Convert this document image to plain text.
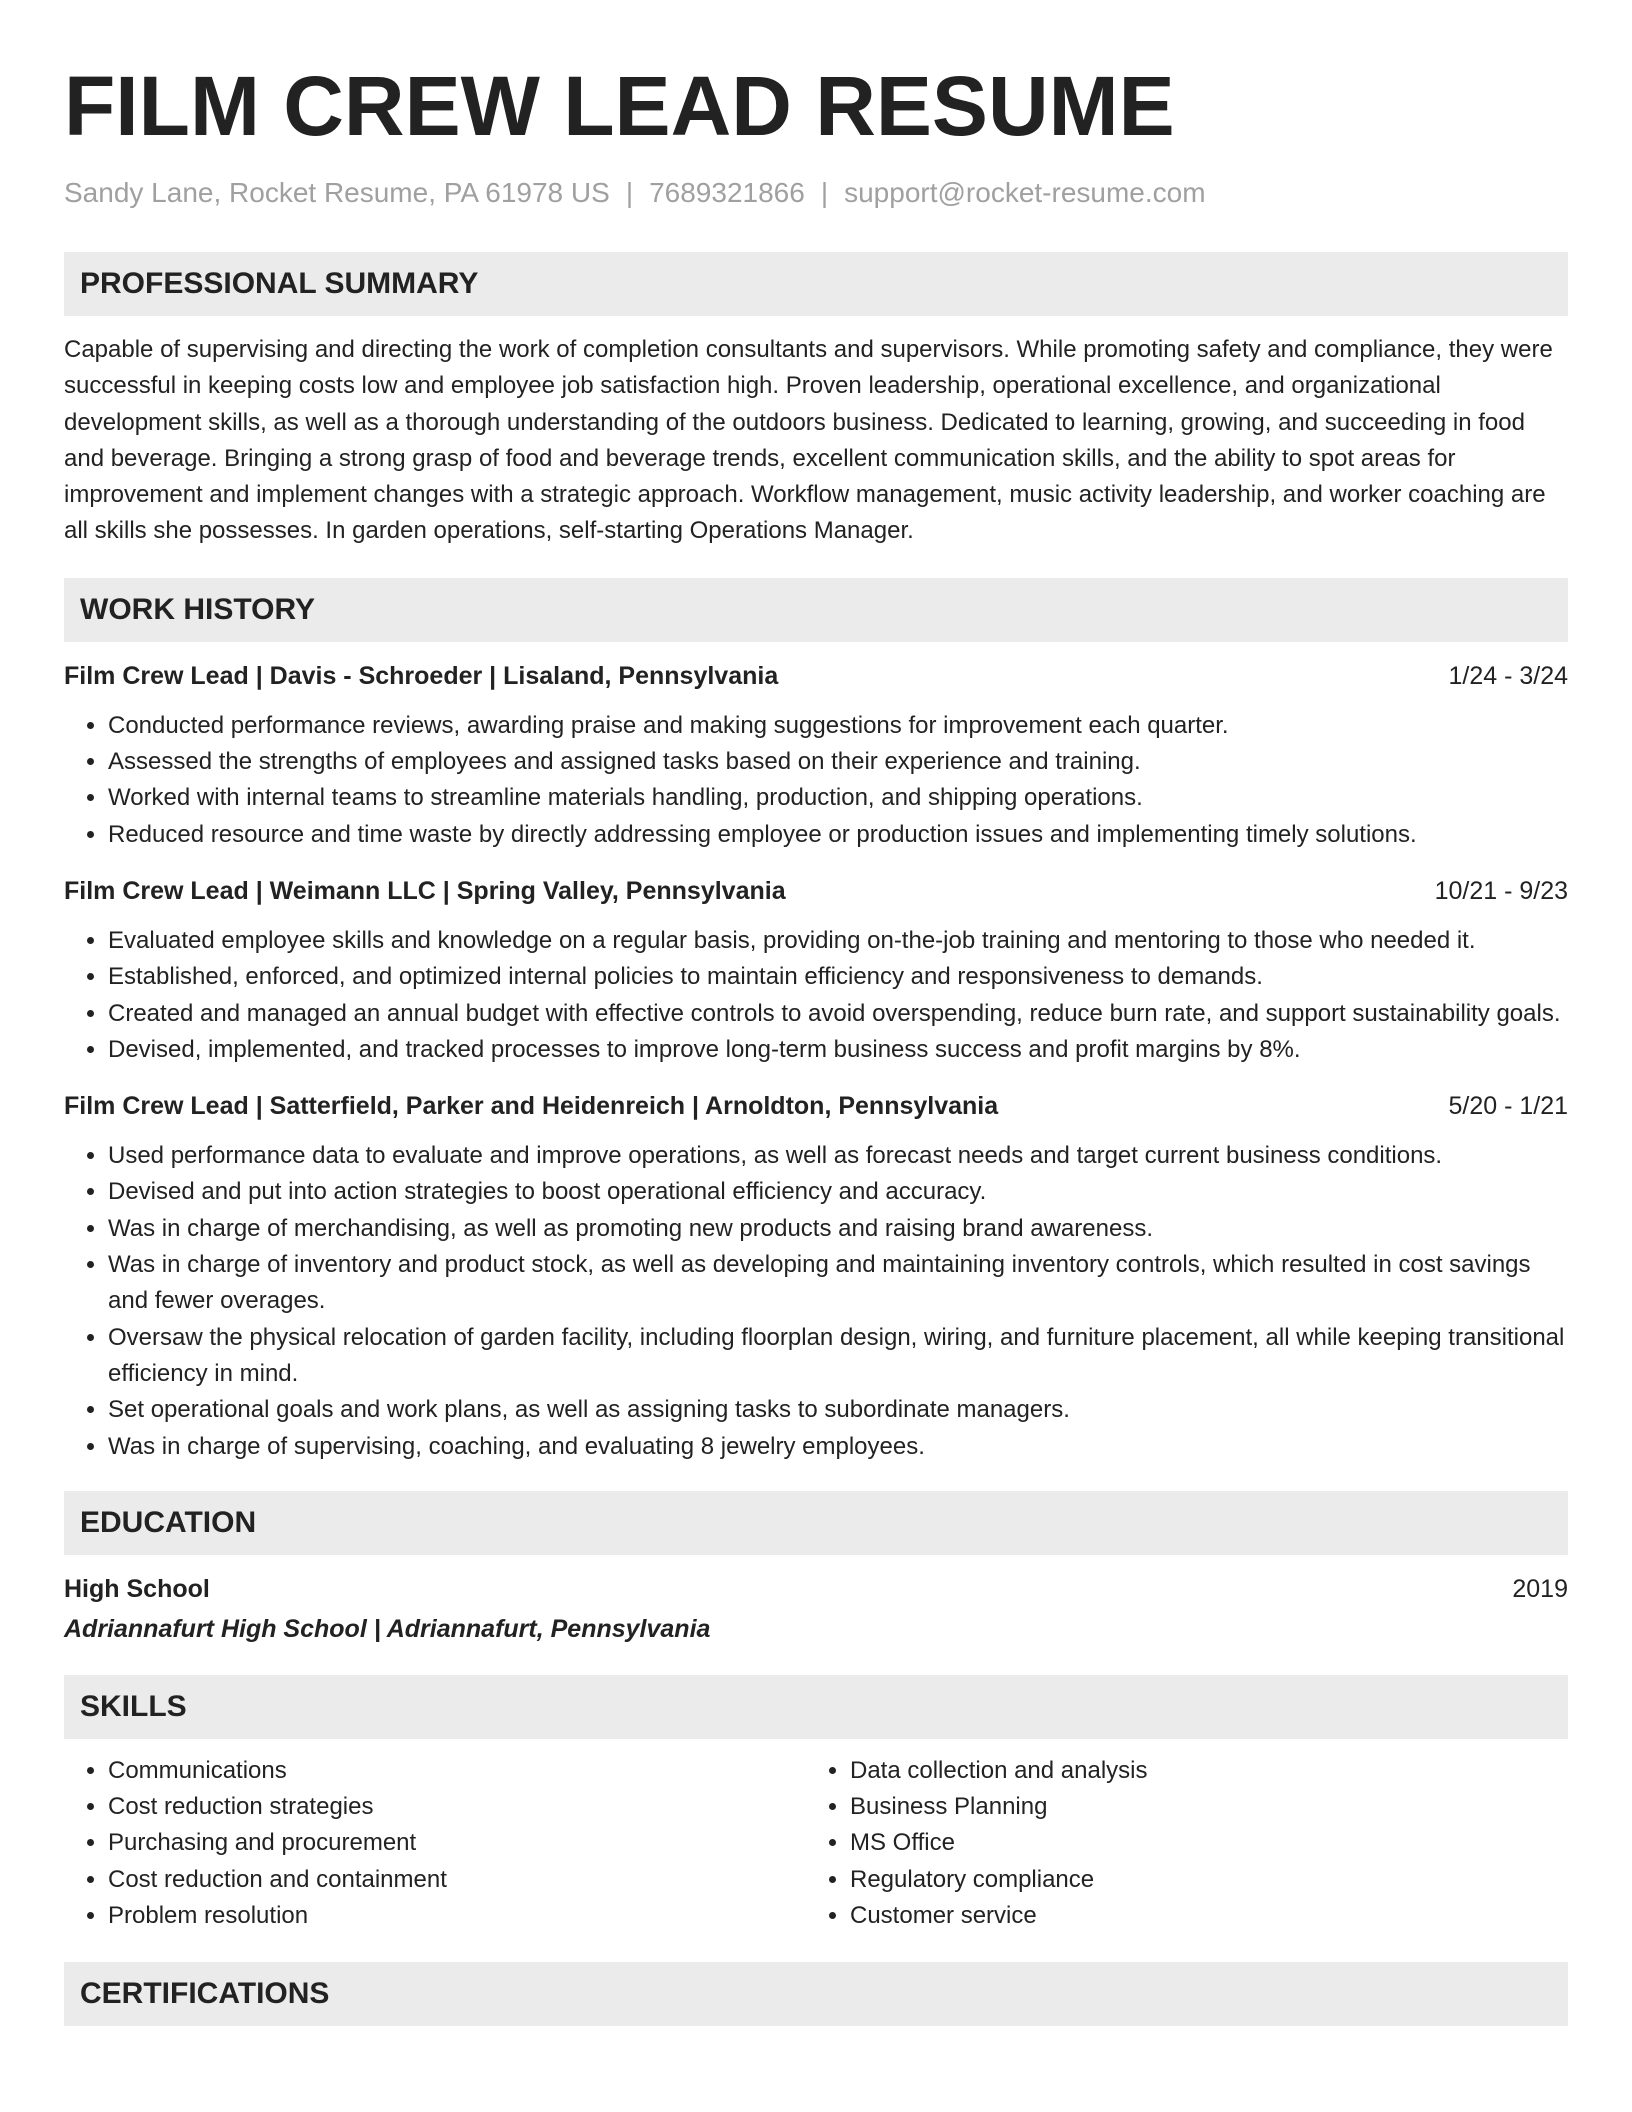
FILM CREW LEAD RESUME
Sandy Lane, Rocket Resume, PA 61978 US | 7689321866 | support@rocket-resume.com
PROFESSIONAL SUMMARY

Capable of supervising and directing the work of completion consultants and supervisors. While promoting safety and compliance, they were successful in keeping costs low and employee job satisfaction high. Proven leadership, operational excellence, and organizational development skills, as well as a thorough understanding of the outdoors business. Dedicated to learning, growing, and succeeding in food and beverage. Bringing a strong grasp of food and beverage trends, excellent communication skills, and the ability to spot areas for improvement and implement changes with a strategic approach. Workflow management, music activity leadership, and worker coaching are all skills she possesses. In garden operations, self-starting Operations Manager.

WORK HISTORY
Film Crew Lead | Davis - Schroeder | Lisaland, Pennsylvania	1/24 - 3/24
• Conducted performance reviews, awarding praise and making suggestions for improvement each quarter.
• Assessed the strengths of employees and assigned tasks based on their experience and training.
• Worked with internal teams to streamline materials handling, production, and shipping operations.
• Reduced resource and time waste by directly addressing employee or production issues and implementing timely solutions.
Film Crew Lead | Weimann LLC | Spring Valley, Pennsylvania	10/21 - 9/23
• Evaluated employee skills and knowledge on a regular basis, providing on-the-job training and mentoring to those who needed it.
• Established, enforced, and optimized internal policies to maintain efficiency and responsiveness to demands.
• Created and managed an annual budget with effective controls to avoid overspending, reduce burn rate, and support sustainability goals.
• Devised, implemented, and tracked processes to improve long-term business success and profit margins by 8%.
Film Crew Lead | Satterfield, Parker and Heidenreich | Arnoldton, Pennsylvania	5/20 - 1/21
• Used performance data to evaluate and improve operations, as well as forecast needs and target current business conditions.
• Devised and put into action strategies to boost operational efficiency and accuracy.
• Was in charge of merchandising, as well as promoting new products and raising brand awareness.
• Was in charge of inventory and product stock, as well as developing and maintaining inventory controls, which resulted in cost savings and fewer overages.
• Oversaw the physical relocation of garden facility, including floorplan design, wiring, and furniture placement, all while keeping transitional efficiency in mind.
• Set operational goals and work plans, as well as assigning tasks to subordinate managers.
• Was in charge of supervising, coaching, and evaluating 8 jewelry employees.
EDUCATION
High School	2019
Adriannafurt High School | Adriannafurt, Pennsylvania
SKILLS
• Communications
• Cost reduction strategies
• Purchasing and procurement
• Cost reduction and containment
• Problem resolution
• Data collection and analysis
• Business Planning
• MS Office
• Regulatory compliance
• Customer service
CERTIFICATIONS
